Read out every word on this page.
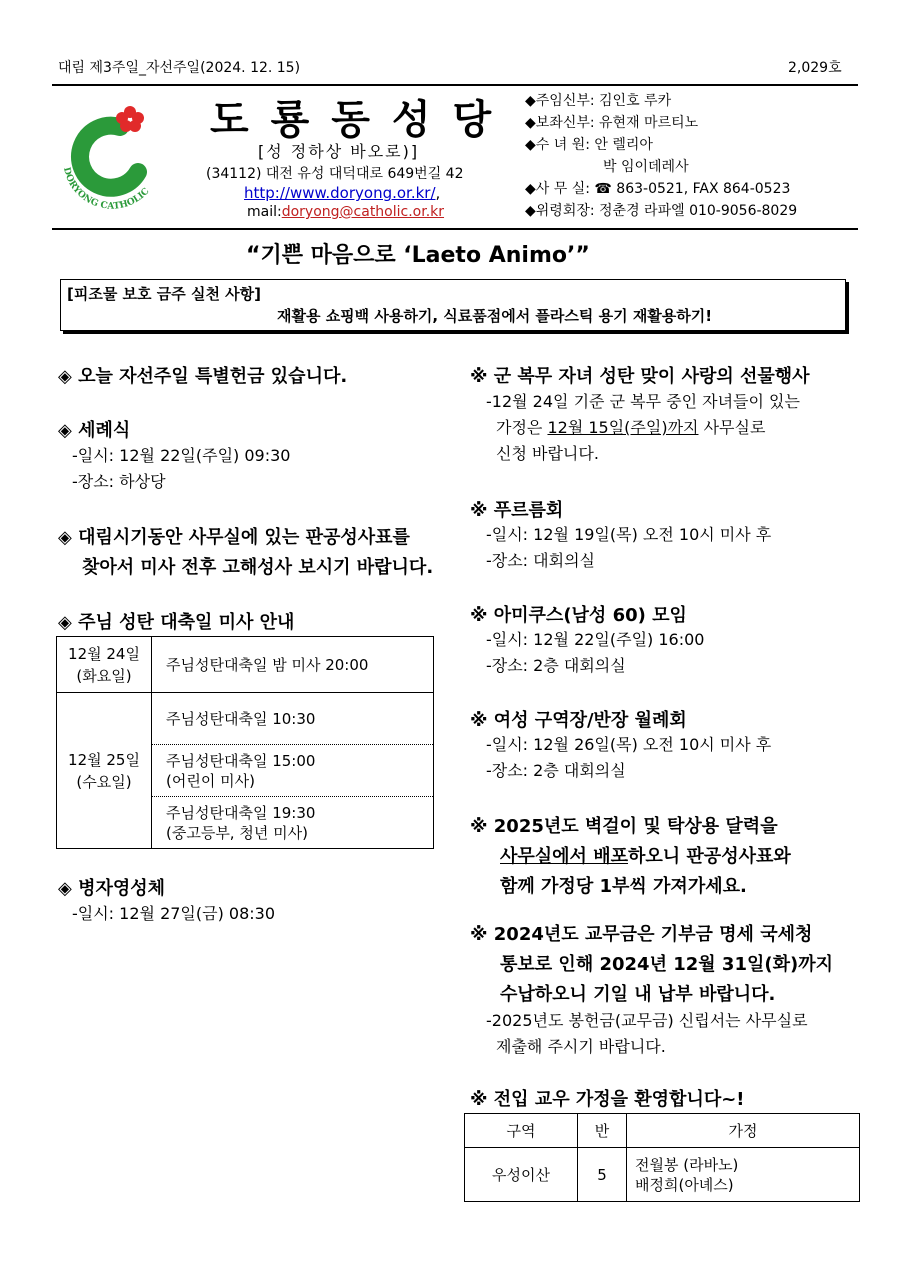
대림 제3주일_자선주일(2024. 12. 15)	2,029호
DORYONG CATHOLIC
도룡동성당
[성 정하상 바오로)]
(34112) 대전 유성 대덕대로 649번길 42
http://www.doryong.or.kr/,
mail:doryong@catholic.or.kr
◆주임신부: 김인호 루카
◆보좌신부: 유현재 마르티노
◆수 녀 원: 안 렐리아
박 임이데레사
◆사 무 실: ☎ 863-0521, FAX 864-0523
◆위령회장: 정춘경 라파엘 010-9056-8029
“기쁜 마음으로 ‘Laeto Animo’”
[피조물 보호 금주 실천 사항]
재활용 쇼핑백 사용하기, 식료품점에서 플라스틱 용기 재활용하기!
◈ 오늘 자선주일 특별헌금 있습니다.
◈ 세례식
-일시: 12월 22일(주일) 09:30
-장소: 하상당
◈ 대림시기동안 사무실에 있는 판공성사표를
찾아서 미사 전후 고해성사 보시기 바랍니다.
◈ 주님 성탄 대축일 미사 안내
12월 24일
(화요일)	주님성탄대축일 밤 미사 20:00

12월 25일
(수요일)	주님성탄대축일 10:30

	주님성탄대축일 15:00
(어린이 미사)

	주님성탄대축일 19:30
(중고등부, 청년 미사)
◈ 병자영성체
-일시: 12월 27일(금) 08:30
※ 군 복무 자녀 성탄 맞이 사랑의 선물행사
-12월 24일 기준 군 복무 중인 자녀들이 있는
가정은 12월 15일(주일)까지 사무실로
신청 바랍니다.
※ 푸르름회
-일시: 12월 19일(목) 오전 10시 미사 후
-장소: 대회의실
※ 아미쿠스(남성 60) 모임
-일시: 12월 22일(주일) 16:00
-장소: 2층 대회의실
※ 여성 구역장/반장 월례회
-일시: 12월 26일(목) 오전 10시 미사 후
-장소: 2층 대회의실
※ 2025년도 벽걸이 및 탁상용 달력을
사무실에서 배포하오니 판공성사표와
함께 가정당 1부씩 가져가세요.
※ 2024년도 교무금은 기부금 명세 국세청
통보로 인해 2024년 12월 31일(화)까지
수납하오니 기일 내 납부 바랍니다.
-2025년도 봉헌금(교무금) 신립서는 사무실로
제출해 주시기 바랍니다.
※ 전입 교우 가정을 환영합니다~!
구역	반	가정
우성이산	5	전월봉 (라바노)
배정희(아녜스)
